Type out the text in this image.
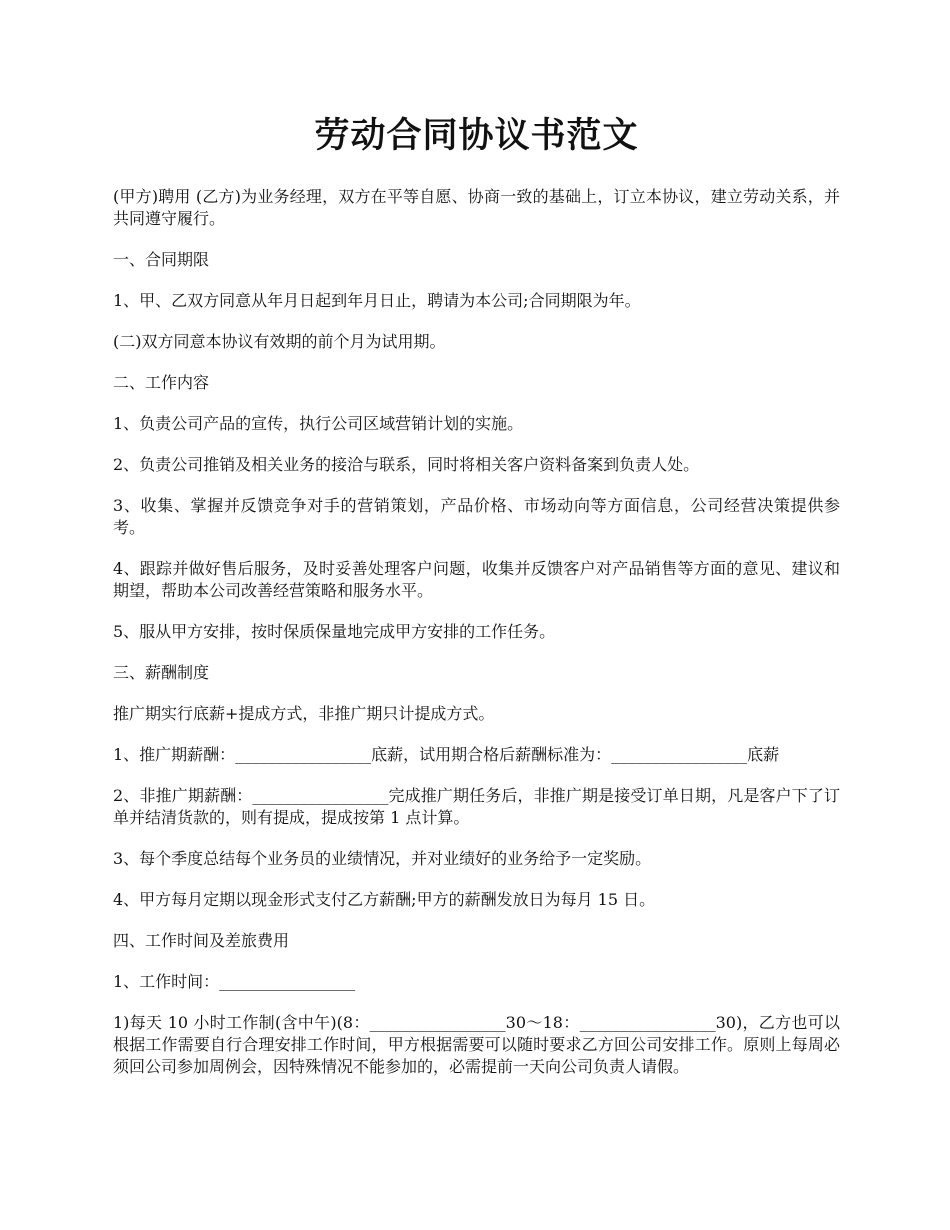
劳动合同协议书范文

(甲方)聘用 (乙方)为业务经理，双方在平等自愿、协商一致的基础上，订立本协议，建立劳动关系，并共同遵守履行。

一、合同期限

1、甲、乙双方同意从年月日起到年月日止，聘请为本公司;合同期限为年。

(二)双方同意本协议有效期的前个月为试用期。

二、工作内容

1、负责公司产品的宣传，执行公司区域营销计划的实施。

2、负责公司推销及相关业务的接洽与联系，同时将相关客户资料备案到负责人处。

3、收集、掌握并反馈竞争对手的营销策划，产品价格、市场动向等方面信息，公司经营决策提供参考。

4、跟踪并做好售后服务，及时妥善处理客户问题，收集并反馈客户对产品销售等方面的意见、建议和期望，帮助本公司改善经营策略和服务水平。

5、服从甲方安排，按时保质保量地完成甲方安排的工作任务。

三、薪酬制度

推广期实行底薪+提成方式，非推广期只计提成方式。

1、推广期薪酬：_________________底薪，试用期合格后薪酬标准为：_________________底薪

2、非推广期薪酬：_________________完成推广期任务后，非推广期是接受订单日期，凡是客户下了订单并结清货款的，则有提成，提成按第 1 点计算。

3、每个季度总结每个业务员的业绩情况，并对业绩好的业务给予一定奖励。

4、甲方每月定期以现金形式支付乙方薪酬;甲方的薪酬发放日为每月 15 日。

四、工作时间及差旅费用

1、工作时间：_________________

1)每天 10 小时工作制(含中午)(8：_________________30～18：_________________30)，乙方也可以根据工作需要自行合理安排工作时间，甲方根据需要可以随时要求乙方回公司安排工作。原则上每周必须回公司参加周例会，因特殊情况不能参加的，必需提前一天向公司负责人请假。
